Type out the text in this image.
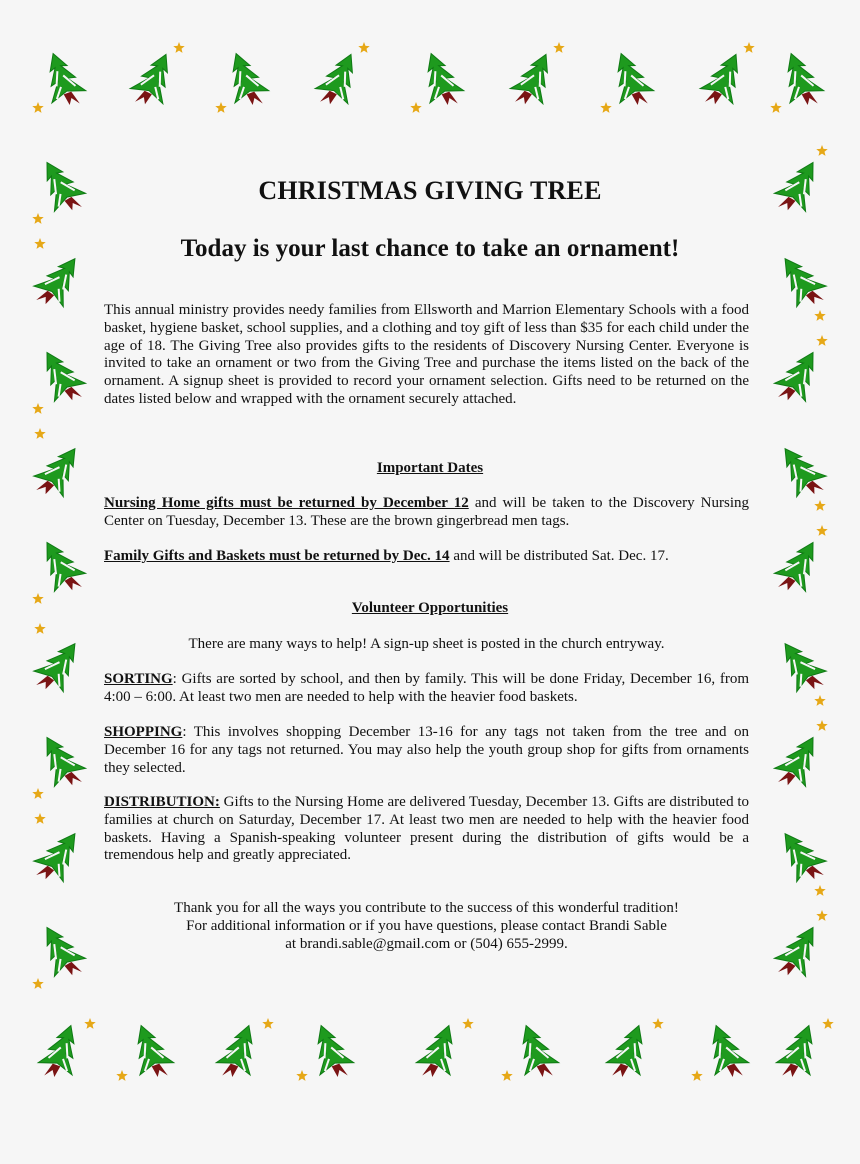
CHRISTMAS GIVING TREE
Today is your last chance to take an ornament!
This annual ministry provides needy families from Ellsworth and Marrion Elementary Schools with a food basket, hygiene basket, school supplies, and a clothing and toy gift of less than $35 for each child under the age of 18. The Giving Tree also provides gifts to the residents of Discovery Nursing Center. Everyone is invited to take an ornament or two from the Giving Tree and purchase the items listed on the back of the ornament. A signup sheet is provided to record your ornament selection. Gifts need to be returned on the dates listed below and wrapped with the ornament securely attached.
Important Dates
Nursing Home gifts must be returned by December 12 and will be taken to the Discovery Nursing Center on Tuesday, December 13. These are the brown gingerbread men tags.
Family Gifts and Baskets must be returned by Dec. 14 and will be distributed Sat. Dec. 17.
Volunteer Opportunities
There are many ways to help! A sign-up sheet is posted in the church entryway.
SORTING: Gifts are sorted by school, and then by family. This will be done Friday, December 16, from 4:00 – 6:00. At least two men are needed to help with the heavier food baskets.
SHOPPING: This involves shopping December 13-16 for any tags not taken from the tree and on December 16 for any tags not returned. You may also help the youth group shop for gifts from ornaments they selected.
DISTRIBUTION: Gifts to the Nursing Home are delivered Tuesday, December 13. Gifts are distributed to families at church on Saturday, December 17. At least two men are needed to help with the heavier food baskets. Having a Spanish-speaking volunteer present during the distribution of gifts would be a tremendous help and greatly appreciated.
Thank you for all the ways you contribute to the success of this wonderful tradition!
For additional information or if you have questions, please contact Brandi Sable
at brandi.sable@gmail.com or (504) 655-2999.
